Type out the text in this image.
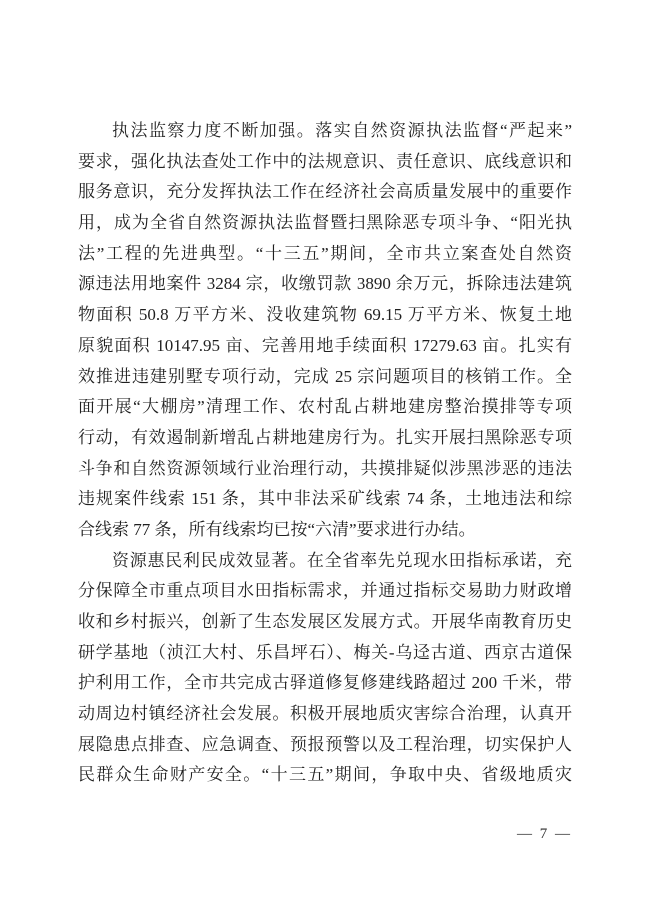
执法监察力度不断加强。落实自然资源执法监督“严起来”
要求，强化执法查处工作中的法规意识、责任意识、底线意识和
服务意识，充分发挥执法工作在经济社会高质量发展中的重要作
用，成为全省自然资源执法监督暨扫黑除恶专项斗争、“阳光执
法”工程的先进典型。“十三五”期间，全市共立案查处自然资
源违法用地案件 3284 宗，收缴罚款 3890 余万元，拆除违法建筑
物面积 50.8 万平方米、没收建筑物 69.15 万平方米、恢复土地
原貌面积 10147.95 亩、完善用地手续面积 17279.63 亩。扎实有
效推进违建别墅专项行动，完成 25 宗问题项目的核销工作。全
面开展“大棚房”清理工作、农村乱占耕地建房整治摸排等专项
行动，有效遏制新增乱占耕地建房行为。扎实开展扫黑除恶专项
斗争和自然资源领域行业治理行动，共摸排疑似涉黑涉恶的违法
违规案件线索 151 条，其中非法采矿线索 74 条，土地违法和综
合线索 77 条，所有线索均已按“六清”要求进行办结。
资源惠民利民成效显著。在全省率先兑现水田指标承诺，充
分保障全市重点项目水田指标需求，并通过指标交易助力财政增
收和乡村振兴，创新了生态发展区发展方式。开展华南教育历史
研学基地（浈江大村、乐昌坪石）、梅关-乌迳古道、西京古道保
护利用工作，全市共完成古驿道修复修建线路超过 200 千米，带
动周边村镇经济社会发展。积极开展地质灾害综合治理，认真开
展隐患点排查、应急调查、预报预警以及工程治理，切实保护人
民群众生命财产安全。“十三五”期间，争取中央、省级地质灾
— 7 —
